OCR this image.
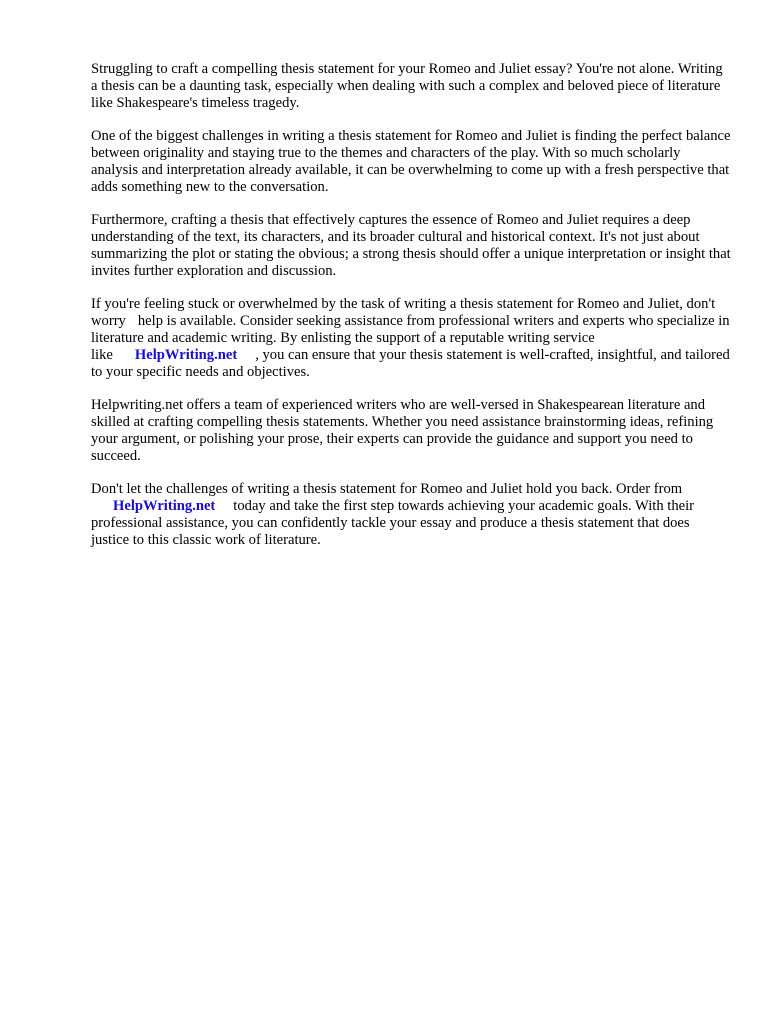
Struggling to craft a compelling thesis statement for your Romeo and Juliet essay? You're not alone. Writing a thesis can be a daunting task, especially when dealing with such a complex and beloved piece of literature like Shakespeare's timeless tragedy.

One of the biggest challenges in writing a thesis statement for Romeo and Juliet is finding the perfect balance between originality and staying true to the themes and characters of the play. With so much scholarly analysis and interpretation already available, it can be overwhelming to come up with a fresh perspective that adds something new to the conversation.

Furthermore, crafting a thesis that effectively captures the essence of Romeo and Juliet requires a deep understanding of the text, its characters, and its broader cultural and historical context. It's not just about summarizing the plot or stating the obvious; a strong thesis should offer a unique interpretation or insight that invites further exploration and discussion.

If you're feeling stuck or overwhelmed by the task of writing a thesis statement for Romeo and Juliet, don't worry help is available. Consider seeking assistance from professional writers and experts who specialize in literature and academic writing. By enlisting the support of a reputable writing service like HelpWriting.net , you can ensure that your thesis statement is well-crafted, insightful, and tailored to your specific needs and objectives.

Helpwriting.net offers a team of experienced writers who are well-versed in Shakespearean literature and skilled at crafting compelling thesis statements. Whether you need assistance brainstorming ideas, refining your argument, or polishing your prose, their experts can provide the guidance and support you need to succeed.

Don't let the challenges of writing a thesis statement for Romeo and Juliet hold you back. Order from
HelpWriting.net today and take the first step towards achieving your academic goals. With their professional assistance, you can confidently tackle your essay and produce a thesis statement that does justice to this classic work of literature.
